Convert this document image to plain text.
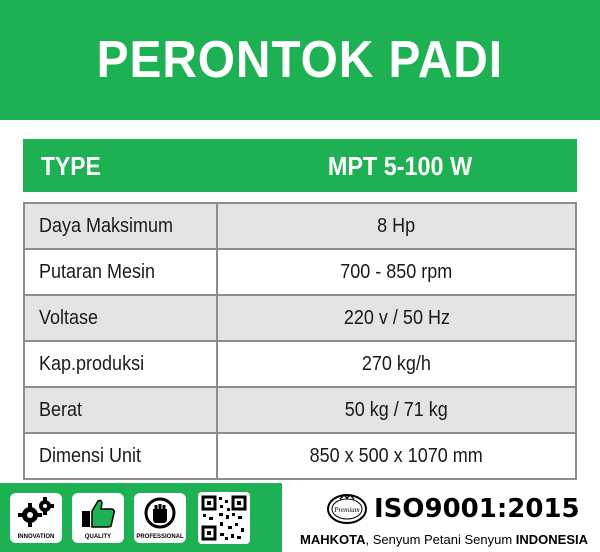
PERONTOK PADI
TYPE	MPT 5-100 W
Daya Maksimum	8 Hp
Putaran Mesin	700 - 850 rpm
Voltase	220 v / 50 Hz
Kap.produksi	270 kg/h
Berat	50 kg / 71 kg
Dimensi Unit	850 x 500 x 1070 mm
INNOVATION	QUALITY	PROFESSIONAL
Premium ISO9001:2015
MAHKOTA, Senyum Petani Senyum INDONESIA
